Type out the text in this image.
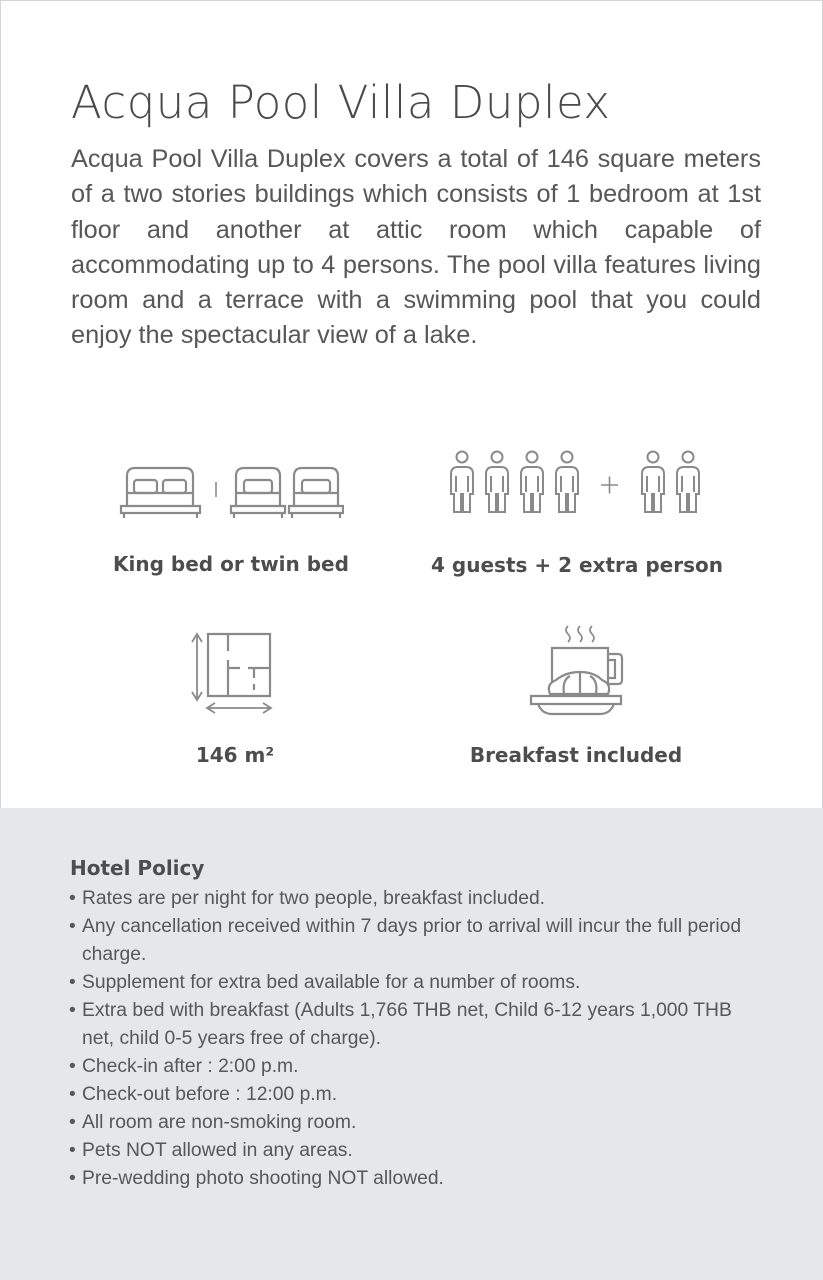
Acqua Pool Villa Duplex

Acqua Pool Villa Duplex covers a total of 146 square meters of a two stories buildings which consists of 1 bedroom at 1st floor and another at attic room which capable of accommodating up to 4 persons. The pool villa features living room and a terrace with a swimming pool that you could enjoy the spectacular view of a lake.

King bed or twin bed	4 guests + 2 extra person
146 m²	Breakfast included
Hotel Policy
• Rates are per night for two people, breakfast included.
• Any cancellation received within 7 days prior to arrival will incur the full period charge.
• Supplement for extra bed available for a number of rooms.
• Extra bed with breakfast (Adults 1,766 THB net, Child 6-12 years 1,000 THB net, child 0-5 years free of charge).
• Check-in after : 2:00 p.m.
• Check-out before : 12:00 p.m.
• All room are non-smoking room.
• Pets NOT allowed in any areas.
• Pre-wedding photo shooting NOT allowed.
